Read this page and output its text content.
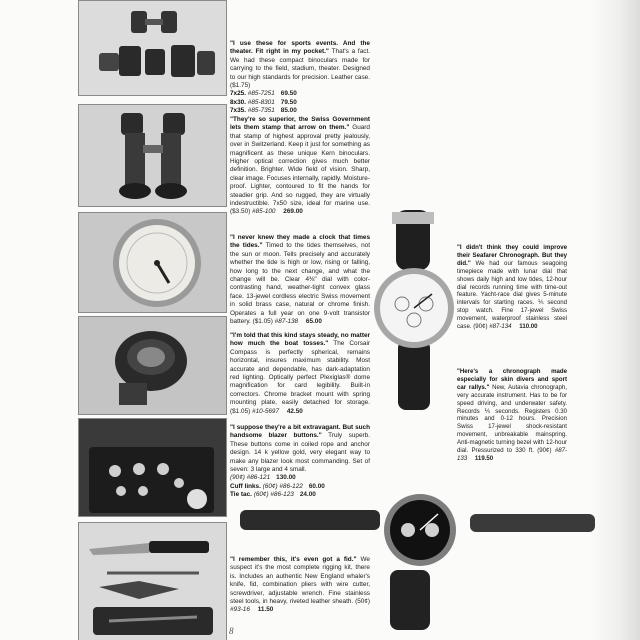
"I use these for sports events. And the theater. Fit right in my pocket." That's a fact. We had these compact binoculars made for carrying to the field, stadium, theater. Designed to our high standards for precision. Leather case. ($1.75)
7x25. #85-7251 69.50
8x30. #85-8301 79.50
7x35. #85-7351 85.00
"They're so superior, the Swiss Government lets them stamp that arrow on them." Guard that stamp of highest approval pretty jealously, over in Switzerland. Keep it just for something as magnificent as these unique Kern binoculars. Higher optical correction gives much better definition. Brighter. Wide field of vision. Sharp, clear image. Focuses internally, rapidly. Moisture-proof. Lighter, contoured to fit the hands for steadier grip. And so rugged, they are virtually indestructible. 7x50 size, ideal for marine use. ($3.50) #85-100 269.00
"I never knew they made a clock that times the tides." Timed to the tides themselves, not the sun or moon. Tells precisely and accurately whether the tide is high or low, rising or falling, how long to the next change, and what the change will be. Clear 4⅜" dial with color-contrasting hand, weather-tight convex glass face. 13-jewel cordless electric Swiss movement in solid brass case, natural or chrome finish. Operates a full year on one 9-volt transistor battery. ($1.05) #87-138 65.00
"I'm told that this kind stays steady, no matter how much the boat tosses." The Corsair Compass is perfectly spherical, remains horizontal, insures maximum stability. Most accurate and dependable, has dark-adaptation red lighting. Optically perfect Plexiglas® dome magnification for card legibility. Built-in correctors. Chrome bracket mount with spring mounting plate, easily detached for storage. ($1.05) #10-5697 42.50
"I suppose they're a bit extravagant. But such handsome blazer buttons." Truly superb. These buttons come in coiled rope and anchor design. 14 k yellow gold, very elegant way to make any blazer look most commanding. Set of seven: 3 large and 4 small.
(90¢) #86-121 130.00
Cuff links. (60¢) #86-122 60.00
Tie tac. (60¢) #86-123 24.00
"I remember this, it's even got a fid." We suspect it's the most complete rigging kit, there is. Includes an authentic New England whaler's knife, fid, combination pliers with wire cutter, screwdriver, adjustable wrench. Fine stainless steel tools, in heavy, riveted leather sheath. (50¢) #93-16 11.50
"I didn't think they could improve their Seafarer Chronograph. But they did." We had our famous seagoing timepiece made with lunar dial that shows daily high and low tides, 12-hour dial records running time with time-out feature. Yacht-race dial gives 5-minute intervals for starting races. ⅕ second stop watch. Fine 17-jewel Swiss movement, waterproof stainless steel case. (90¢) #87-134 110.00
"Here's a chronograph made especially for skin divers and sport car rallys." New, Autavia chronograph, very accurate instrument. Has to be for speed driving, and underwater safety. Records ⅕ seconds. Registers 0.30 minutes and 0-12 hours. Precision Swiss 17-jewel shock-resistant movement, unbreakable mainspring. Anti-magnetic turning bezel with 12-hour dial. Pressurized to 330 ft. (90¢) #87-133 119.50
8
